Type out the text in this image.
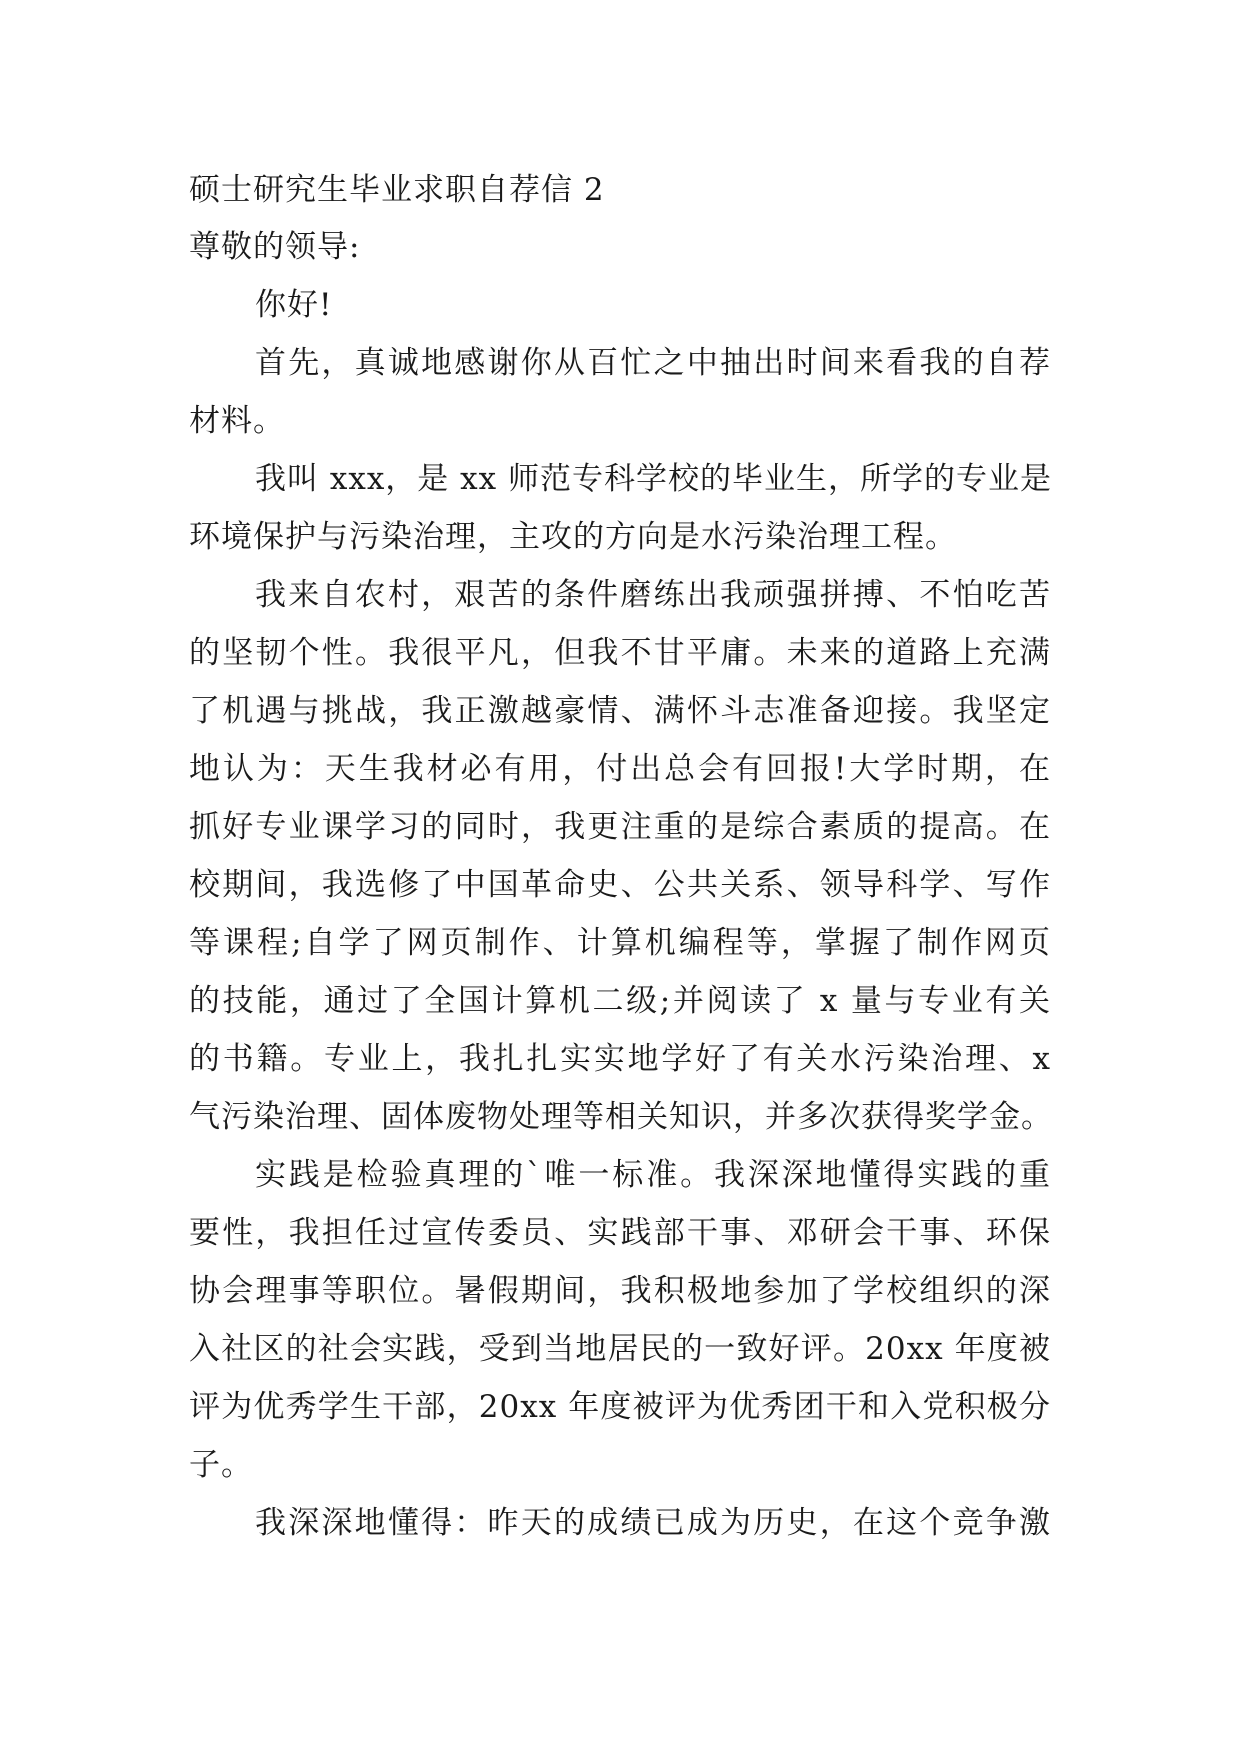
硕士研究生毕业求职自荐信 2
尊敬的领导:
你好!
首先，真诚地感谢你从百忙之中抽出时间来看我的自荐
材料。
我叫 xxx，是 xx 师范专科学校的毕业生，所学的专业是
环境保护与污染治理，主攻的方向是水污染治理工程。
我来自农村，艰苦的条件磨练出我顽强拼搏、不怕吃苦
的坚韧个性。我很平凡，但我不甘平庸。未来的道路上充满
了机遇与挑战，我正激越豪情、满怀斗志准备迎接。我坚定
地认为：天生我材必有用，付出总会有回报!大学时期，在
抓好专业课学习的同时，我更注重的是综合素质的提高。在
校期间，我选修了中国革命史、公共关系、领导科学、写作
等课程;自学了网页制作、计算机编程等，掌握了制作网页
的技能，通过了全国计算机二级;并阅读了 x 量与专业有关
的书籍。专业上，我扎扎实实地学好了有关水污染治理、x
气污染治理、固体废物处理等相关知识，并多次获得奖学金。
实践是检验真理的`唯一标准。我深深地懂得实践的重
要性，我担任过宣传委员、实践部干事、邓研会干事、环保
协会理事等职位。暑假期间，我积极地参加了学校组织的深
入社区的社会实践，受到当地居民的一致好评。20xx 年度被
评为优秀学生干部，20xx 年度被评为优秀团干和入党积极分
子。
我深深地懂得：昨天的成绩已成为历史，在这个竞争激
